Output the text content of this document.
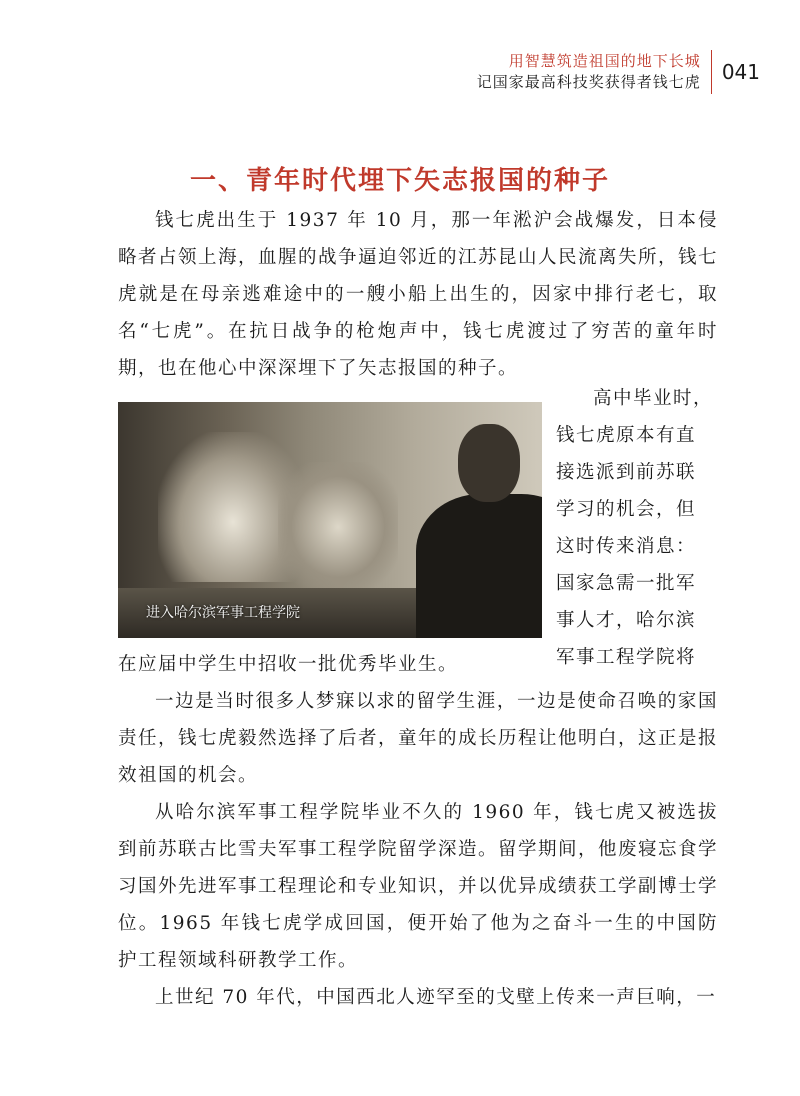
用智慧筑造祖国的地下长城
记国家最高科技奖获得者钱七虎 041
一、青年时代埋下矢志报国的种子

钱七虎出生于 1937 年 10 月，那一年淞沪会战爆发，日本侵略者占领上海，血腥的战争逼迫邻近的江苏昆山人民流离失所，钱七虎就是在母亲逃难途中的一艘小船上出生的，因家中排行老七，取名“七虎”。在抗日战争的枪炮声中，钱七虎渡过了穷苦的童年时期，也在他心中深深埋下了矢志报国的种子。

进入哈尔滨军事工程学院
高中毕业时，
钱七虎原本有直
接选派到前苏联
学习的机会，但
这时传来消息：
国家急需一批军
事人才，哈尔滨
军事工程学院将

在应届中学生中招收一批优秀毕业生。

一边是当时很多人梦寐以求的留学生涯，一边是使命召唤的家国责任，钱七虎毅然选择了后者，童年的成长历程让他明白，这正是报效祖国的机会。

从哈尔滨军事工程学院毕业不久的 1960 年，钱七虎又被选拔到前苏联古比雪夫军事工程学院留学深造。留学期间，他废寝忘食学习国外先进军事工程理论和专业知识，并以优异成绩获工学副博士学位。1965 年钱七虎学成回国，便开始了他为之奋斗一生的中国防护工程领域科研教学工作。

上世纪 70 年代，中国西北人迹罕至的戈壁上传来一声巨响，一
